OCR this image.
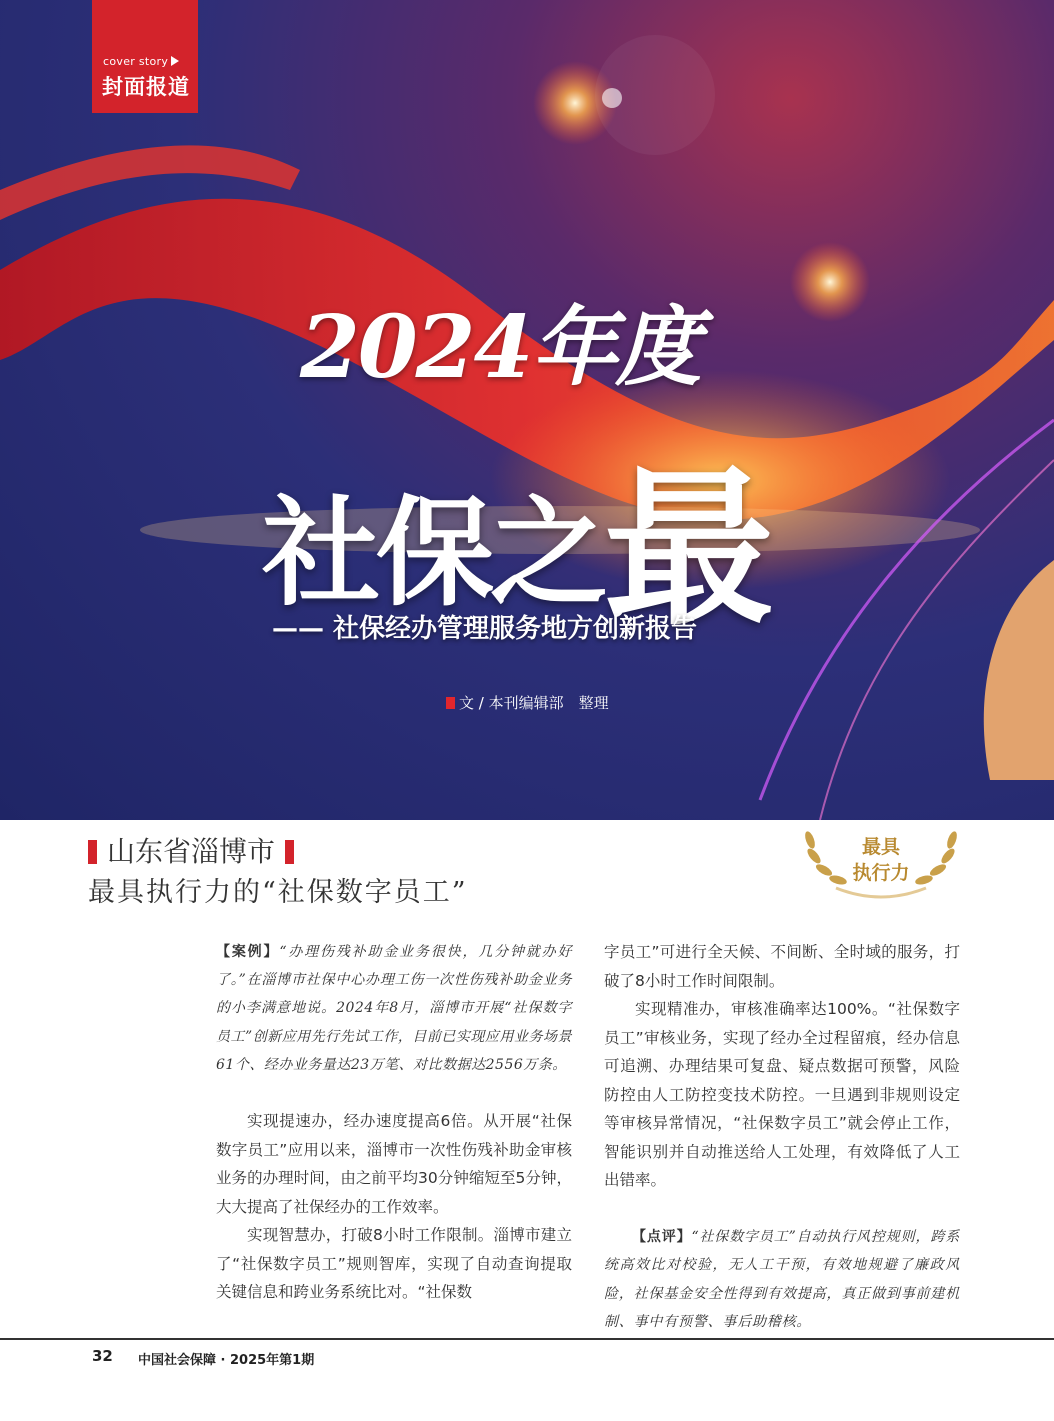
cover story
封面报道
2024年度
社保之最
—— 社保经办管理服务地方创新报告
文 / 本刊编辑部　整理
山东省淄博市
最具执行力的“社保数字员工”
最具
执行力

【案例】“办理伤残补助金业务很快，几分钟就办好了。”在淄博市社保中心办理工伤一次性伤残补助金业务的小李满意地说。2024年8月，淄博市开展“社保数字员工”创新应用先行先试工作，目前已实现应用业务场景61个、经办业务量达23万笔、对比数据达2556万条。

实现提速办，经办速度提高6倍。从开展“社保数字员工”应用以来，淄博市一次性伤残补助金审核业务的办理时间，由之前平均30分钟缩短至5分钟，大大提高了社保经办的工作效率。

实现智慧办，打破8小时工作限制。淄博市建立了“社保数字员工”规则智库，实现了自动查询提取关键信息和跨业务系统比对。“社保数

字员工”可进行全天候、不间断、全时域的服务，打破了8小时工作时间限制。

实现精准办，审核准确率达100%。“社保数字员工”审核业务，实现了经办全过程留痕，经办信息可追溯、办理结果可复盘、疑点数据可预警，风险防控由人工防控变技术防控。一旦遇到非规则设定等审核异常情况，“社保数字员工”就会停止工作，智能识别并自动推送给人工处理，有效降低了人工出错率。

【点评】“社保数字员工”自动执行风控规则，跨系统高效比对校验，无人工干预，有效地规避了廉政风险，社保基金安全性得到有效提高，真正做到事前建机制、事中有预警、事后助稽核。

32 中国社会保障 · 2025年第1期
